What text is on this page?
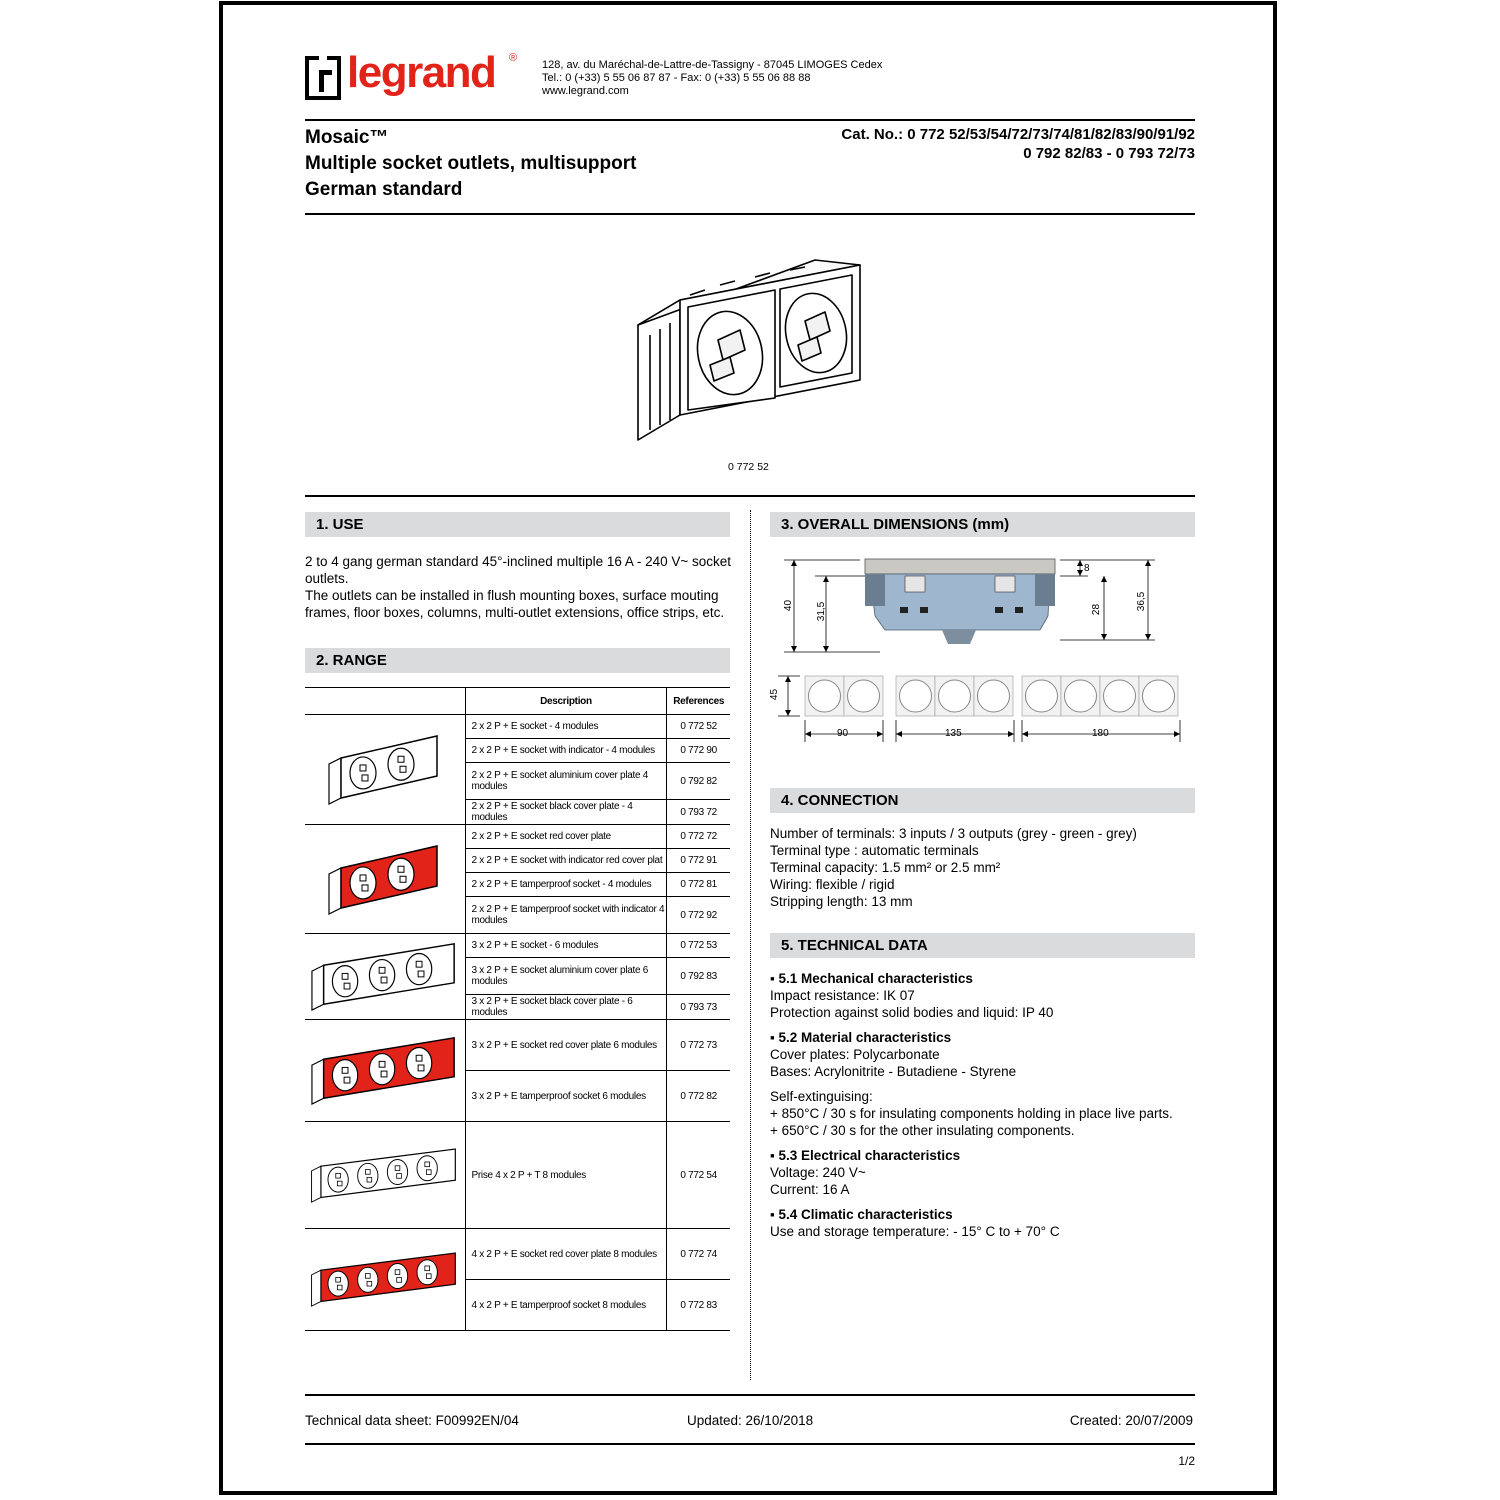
legrand ®
128, av. du Maréchal-de-Lattre-de-Tassigny - 87045 LIMOGES Cedex
Tel.: 0 (+33) 5 55 06 87 87 - Fax: 0 (+33) 5 55 06 88 88
www.legrand.com
Mosaic™
Multiple socket outlets, multisupport
German standard
Cat. No.: 0 772 52/53/54/72/73/74/81/82/83/90/91/92
0 792 82/83 - 0 793 72/73
0 772 52
1. USE
2 to 4 gang german standard 45°-inclined multiple 16 A - 240 V~ socket outlets.
The outlets can be installed in flush mounting boxes, surface mouting frames, floor boxes, columns, multi-outlet extensions, office strips, etc.
2. RANGE
	Description	References
	2 x 2 P + E socket - 4 modules	0 772 52
	2 x 2 P + E socket with indicator - 4 modules	0 772 90
	2 x 2 P + E socket aluminium cover plate 4 modules	0 792 82
	2 x 2 P + E socket black cover plate - 4 modules	0 793 72
	2 x 2 P + E socket red cover plate	0 772 72
	2 x 2 P + E socket with indicator red cover plat	0 772 91
	2 x 2 P + E tamperproof socket - 4 modules	0 772 81
	2 x 2 P + E tamperproof socket with indicator 4 modules	0 772 92
	3 x 2 P + E socket - 6 modules	0 772 53
	3 x 2 P + E socket aluminium cover plate 6 modules	0 792 83
	3 x 2 P + E socket black cover plate - 6 modules	0 793 73
	3 x 2 P + E socket red cover plate 6 modules	0 772 73
	3 x 2 P + E tamperproof socket 6 modules	0 772 82
	Prise 4 x 2 P + T 8 modules	0 772 54
	4 x 2 P + E socket red cover plate 8 modules	0 772 74
	4 x 2 P + E tamperproof socket 8 modules	0 772 83
3. OVERALL DIMENSIONS (mm)
40 31,5
8
28	36,5
45
90	135	180
4. CONNECTION
Number of terminals: 3 inputs / 3 outputs (grey - green - grey)
Terminal type : automatic terminals
Terminal capacity: 1.5 mm² or 2.5 mm²
Wiring: flexible / rigid
Stripping length: 13 mm
5. TECHNICAL DATA
▪ 5.1 Mechanical characteristics
Impact resistance: IK 07
Protection against solid bodies and liquid: IP 40
▪ 5.2 Material characteristics
Cover plates: Polycarbonate
Bases: Acrylonitrite - Butadiene - Styrene
Self-extinguising:
+ 850°C / 30 s for insulating components holding in place live parts.
+ 650°C / 30 s for the other insulating components.
▪ 5.3 Electrical characteristics
Voltage: 240 V~
Current: 16 A
▪ 5.4 Climatic characteristics
Use and storage temperature: - 15° C to + 70° C
Technical data sheet: F00992EN/04	Updated: 26/10/2018	Created: 20/07/2009
1/2
